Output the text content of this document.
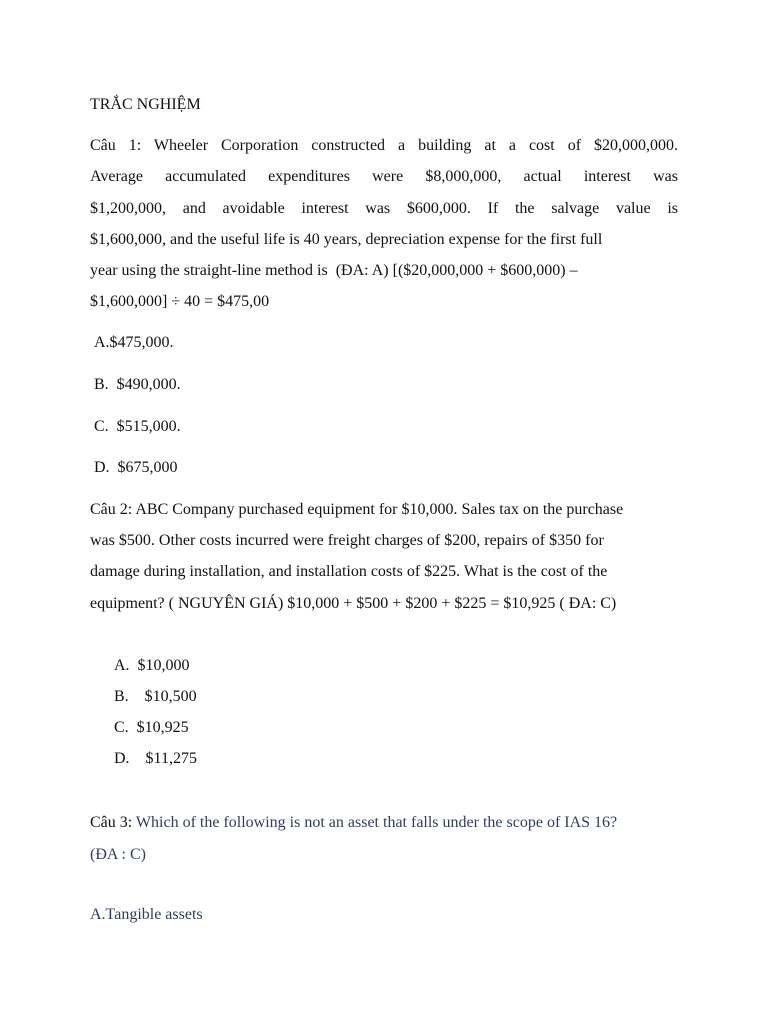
TRẮC NGHIỆM
Câu 1: Wheeler Corporation constructed a building at a cost of $20,000,000.
Average accumulated expenditures were $8,000,000, actual interest was
$1,200,000, and avoidable interest was $600,000. If the salvage value is
$1,600,000, and the useful life is 40 years, depreciation expense for the first full
year using the straight-line method is  (ĐA: A) [($20,000,000 + $600,000) –
$1,600,000] ÷ 40 = $475,00
A.$475,000.
B.  $490,000.
C.  $515,000.
D.  $675,000
Câu 2: ABC Company purchased equipment for $10,000. Sales tax on the purchase
was $500. Other costs incurred were freight charges of $200, repairs of $350 for
damage during installation, and installation costs of $225. What is the cost of the
equipment? ( NGUYÊN GIÁ) $10,000 + $500 + $200 + $225 = $10,925 ( ĐA: C)
A.  $10,000
B.    $10,500
C.  $10,925
D.    $11,275
Câu 3: Which of the following is not an asset that falls under the scope of IAS 16?
(ĐA : C)
A.Tangible assets
